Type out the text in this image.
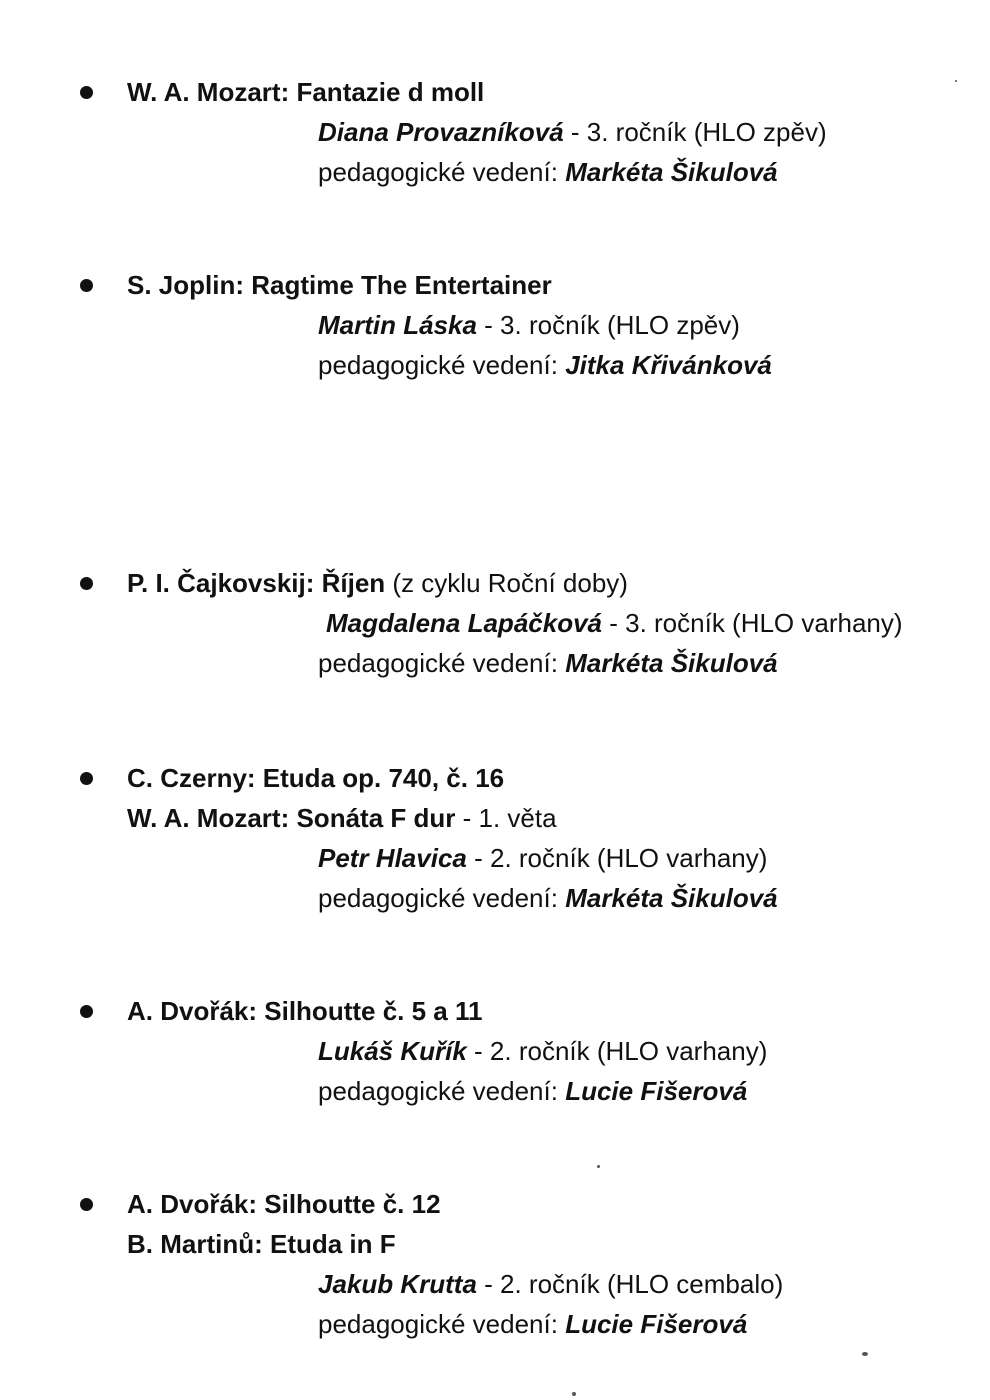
W. A. Mozart: Fantazie d moll
Diana Provazníková - 3. ročník (HLO zpěv)
pedagogické vedení: Markéta Šikulová
S. Joplin: Ragtime The Entertainer
Martin Láska - 3. ročník (HLO zpěv)
pedagogické vedení: Jitka Křivánková
P. I. Čajkovskij: Říjen (z cyklu Roční doby)
Magdalena Lapáčková - 3. ročník (HLO varhany)
pedagogické vedení: Markéta Šikulová
C. Czerny: Etuda op. 740, č. 16
W. A. Mozart: Sonáta F dur - 1. věta
Petr Hlavica - 2. ročník (HLO varhany)
pedagogické vedení: Markéta Šikulová
A. Dvořák: Silhoutte č. 5 a 11
Lukáš Kuřík - 2. ročník (HLO varhany)
pedagogické vedení: Lucie Fišerová
A. Dvořák: Silhoutte č. 12
B. Martinů: Etuda in F
Jakub Krutta - 2. ročník (HLO cembalo)
pedagogické vedení: Lucie Fišerová
